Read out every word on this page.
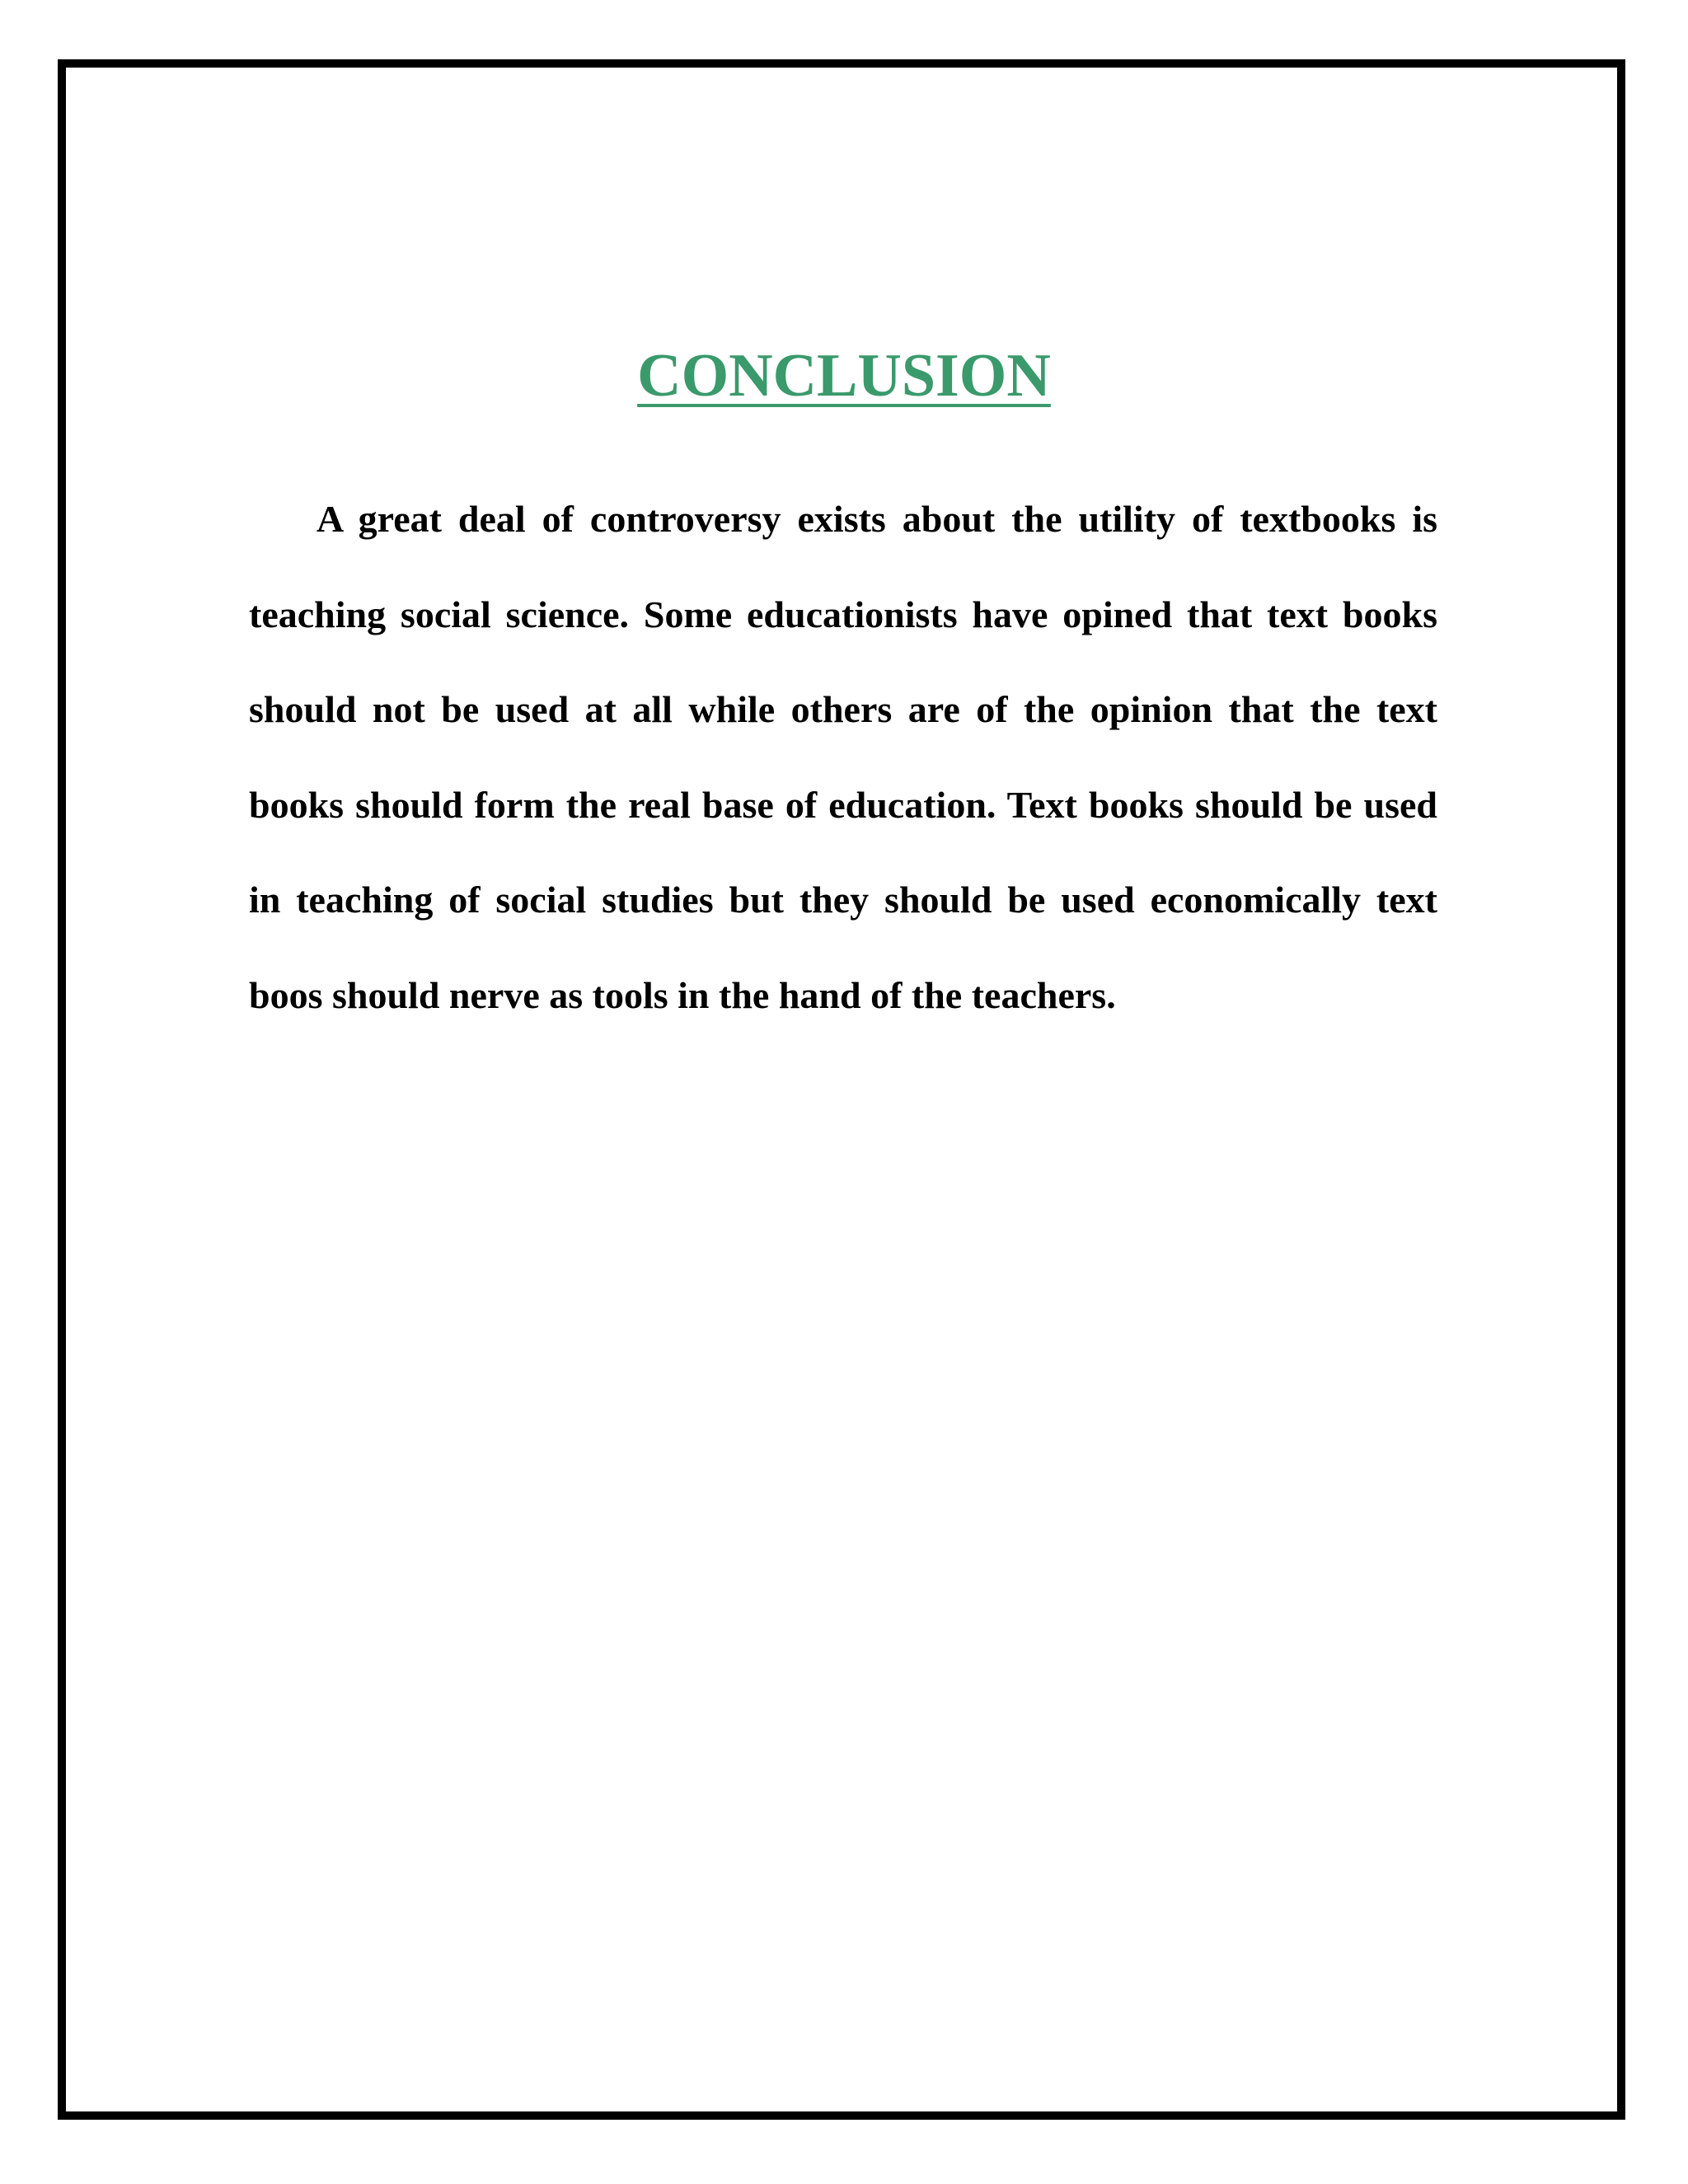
CONCLUSION

A great deal of controversy exists about the utility of textbooks is teaching social science. Some educationists have opined that text books should not be used at all while others are of the opinion that the text books should form the real base of education. Text books should be used in teaching of social studies but they should be used economically text boos should nerve as tools in the hand of the teachers.
